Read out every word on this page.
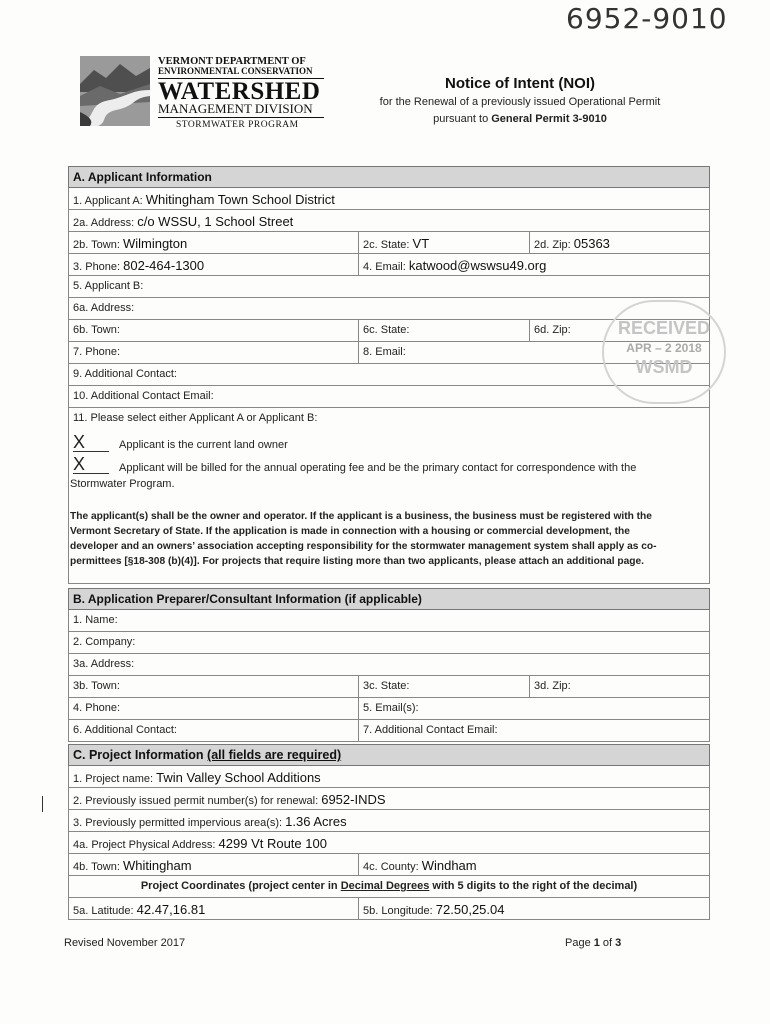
6952-9010
VERMONT DEPARTMENT OF
ENVIRONMENTAL CONSERVATION
WATERSHED
MANAGEMENT DIVISION
STORMWATER PROGRAM
Notice of Intent (NOI)
for the Renewal of a previously issued Operational Permit
pursuant to General Permit 3-9010
A. Applicant Information
1. Applicant A: Whitingham Town School District
2a. Address: c/o WSSU, 1 School Street
2b. Town: Wilmington	2c. State: VT	2d. Zip: 05363
3. Phone: 802-464-1300	4. Email: katwood@wswsu49.org
5. Applicant B:
6a. Address:
6b. Town:	6c. State:	6d. Zip:
7. Phone:	8. Email:
9. Additional Contact:
10. Additional Contact Email:
11. Please select either Applicant A or Applicant B:
X	Applicant is the current land owner
X	Applicant will be billed for the annual operating fee and be the primary contact for correspondence with the
Stormwater Program.
The applicant(s) shall be the owner and operator. If the applicant is a business, the business must be registered with the
Vermont Secretary of State. If the application is made in connection with a housing or commercial development, the
developer and an owners’ association accepting responsibility for the stormwater management system shall apply as co-
permittees [§18-308 (b)(4)]. For projects that require listing more than two applicants, please attach an additional page.
RECEIVED
APR – 2 2018
WSMD
B. Application Preparer/Consultant Information (if applicable)
1. Name:
2. Company:
3a. Address:
3b. Town:	3c. State:	3d. Zip:
4. Phone:	5. Email(s):
6. Additional Contact:	7. Additional Contact Email:
C. Project Information (all fields are required)
1. Project name: Twin Valley School Additions
2. Previously issued permit number(s) for renewal: 6952-INDS
3. Previously permitted impervious area(s): 1.36 Acres
4a. Project Physical Address: 4299 Vt Route 100
4b. Town: Whitingham	4c. County: Windham
Project Coordinates (project center in Decimal Degrees with 5 digits to the right of the decimal)
5a. Latitude: 42.47,16.81	5b. Longitude: 72.50,25.04
Revised November 2017	Page 1 of 3
